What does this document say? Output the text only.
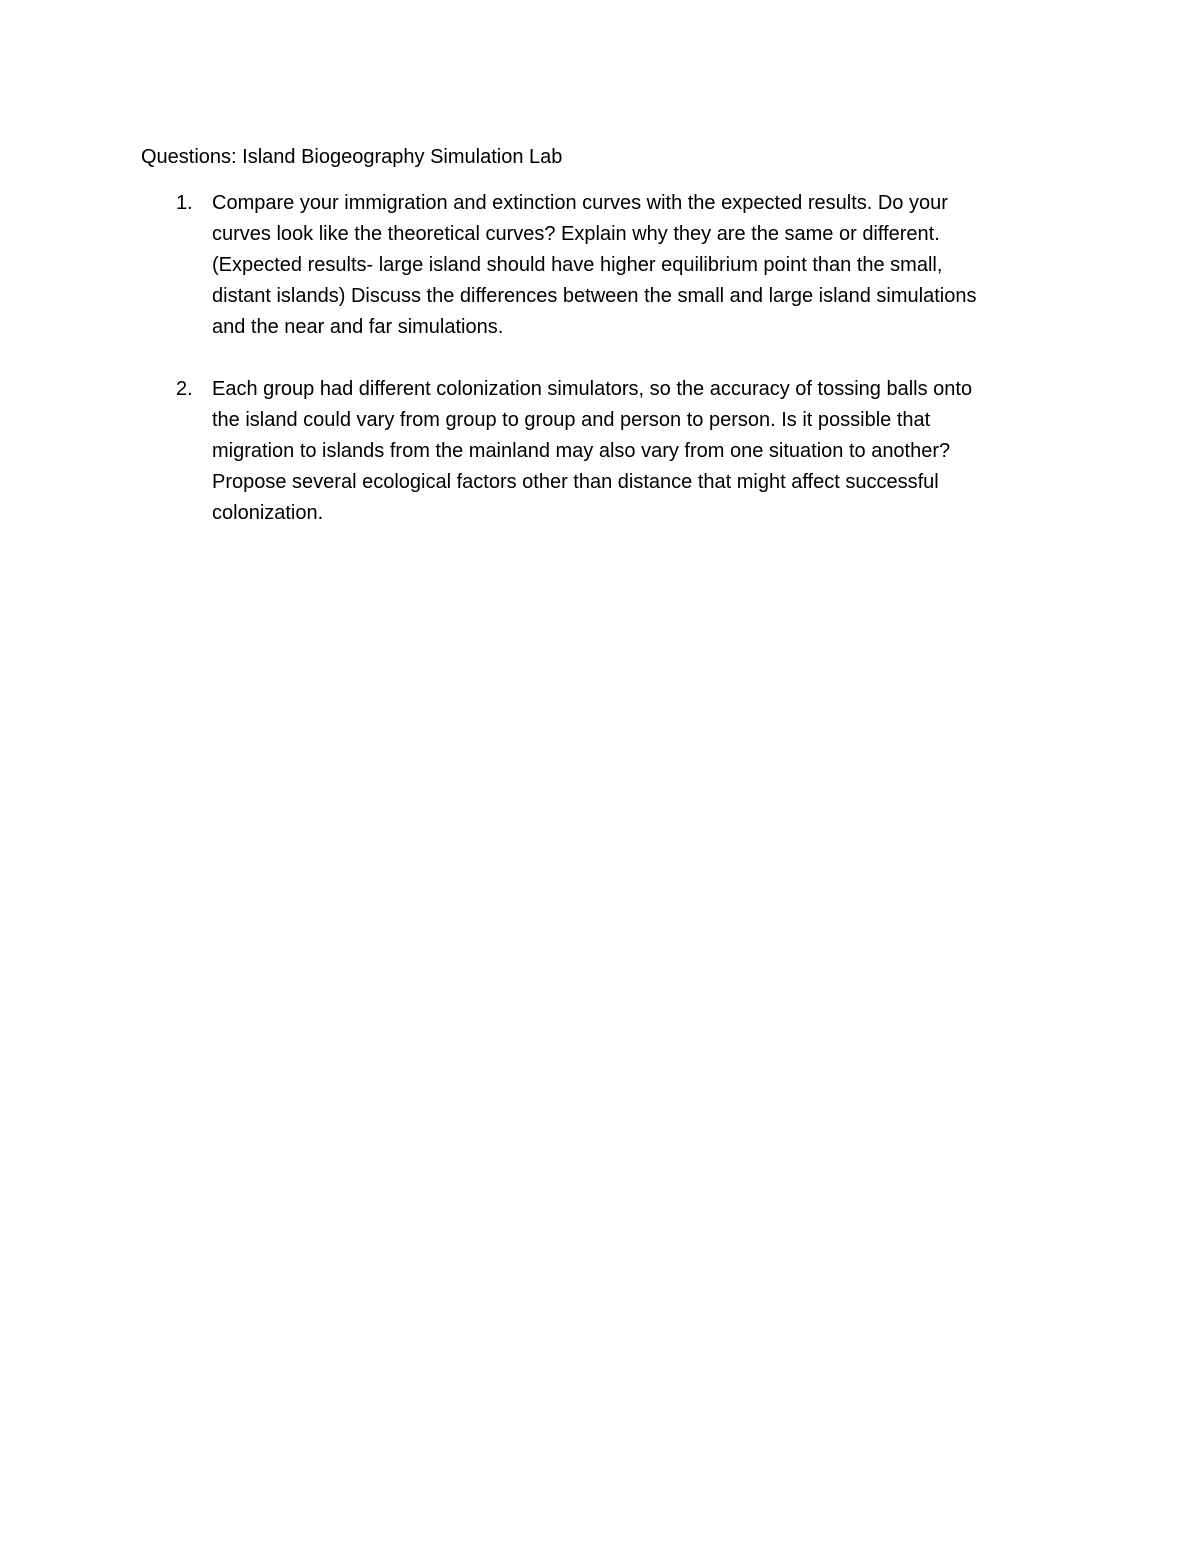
Questions: Island Biogeography Simulation Lab
1. Compare your immigration and extinction curves with the expected results. Do your
curves look like the theoretical curves? Explain why they are the same or different.
(Expected results- large island should have higher equilibrium point than the small,
distant islands) Discuss the differences between the small and large island simulations
and the near and far simulations.
2. Each group had different colonization simulators, so the accuracy of tossing balls onto
the island could vary from group to group and person to person. Is it possible that
migration to islands from the mainland may also vary from one situation to another?
Propose several ecological factors other than distance that might affect successful
colonization.
